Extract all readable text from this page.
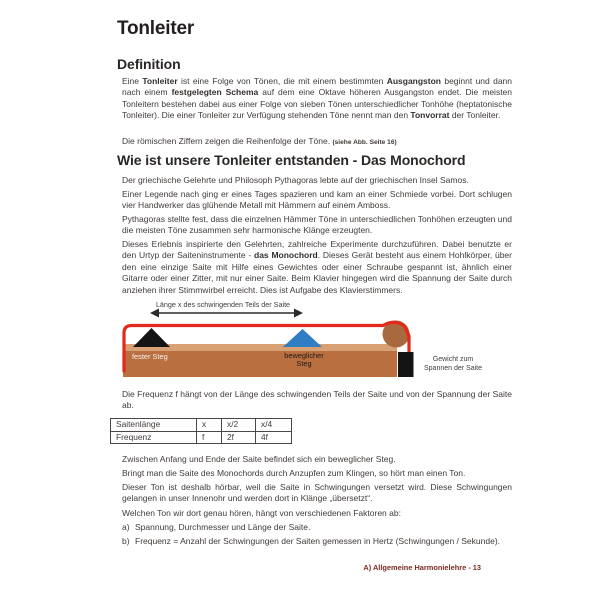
Tonleiter
Definition

Eine Tonleiter ist eine Folge von Tönen, die mit einem bestimmten Ausgangston beginnt und dann nach einem festgelegten Schema auf dem eine Oktave höheren Ausgangston endet. Die meisten Tonleitern bestehen dabei aus einer Folge von sieben Tönen unterschiedlicher Tonhöhe (heptatonische Tonleiter). Die einer Tonleiter zur Verfügung stehenden Töne nennt man den Tonvorrat der Tonleiter.

Die römischen Ziffern zeigen die Reihenfolge der Töne. (siehe Abb. Seite 16)

Wie ist unsere Tonleiter entstanden - Das Monochord

Der griechische Gelehrte und Philosoph Pythagoras lebte auf der griechischen Insel Samos.

Einer Legende nach ging er eines Tages spazieren und kam an einer Schmiede vorbei. Dort schlugen vier Handwerker das glühende Metall mit Hämmern auf einem Amboss.

Pythagoras stellte fest, dass die einzelnen Hämmer Töne in unterschiedlichen Tonhöhen erzeugten und die meisten Töne zusammen sehr harmonische Klänge erzeugten.

Dieses Erlebnis inspirierte den Gelehrten, zahlreiche Experimente durchzuführen. Dabei benutzte er den Urtyp der Saiteninstrumente - das Monochord. Dieses Gerät besteht aus einem Hohlkörper, über den eine einzige Saite mit Hilfe eines Gewichtes oder einer Schraube gespannt ist, ähnlich einer Gitarre oder einer Zitter, mit nur einer Saite. Beim Klavier hingegen wird die Spannung der Saite durch anziehen ihrer Stimmwirbel erreicht. Dies ist Aufgabe des Klavierstimmers.

Länge x des schwingenden Teils der Saite
fester Steg	beweglicher
Steg	Gewicht zum
Spannen der Saite

Die Frequenz f hängt von der Länge des schwingenden Teils der Saite und von der Spannung der Saite ab.

Saitenlänge	x	x/2	x/4
Frequenz	f	2f	4f

Zwischen Anfang und Ende der Saite befindet sich ein beweglicher Steg.

Bringt man die Saite des Monochords durch Anzupfen zum Klingen, so hört man einen Ton.

Dieser Ton ist deshalb hörbar, weil die Saite in Schwingungen versetzt wird. Diese Schwingungen gelangen in unser Innenohr und werden dort in Klänge „übersetzt“.

Welchen Ton wir dort genau hören, hängt von verschiedenen Faktoren ab:

a) Spannung, Durchmesser und Länge der Saite.
b) Frequenz = Anzahl der Schwingungen der Saiten gemessen in Hertz (Schwingungen / Sekunde).
A) Allgemeine Harmonielehre - 13
